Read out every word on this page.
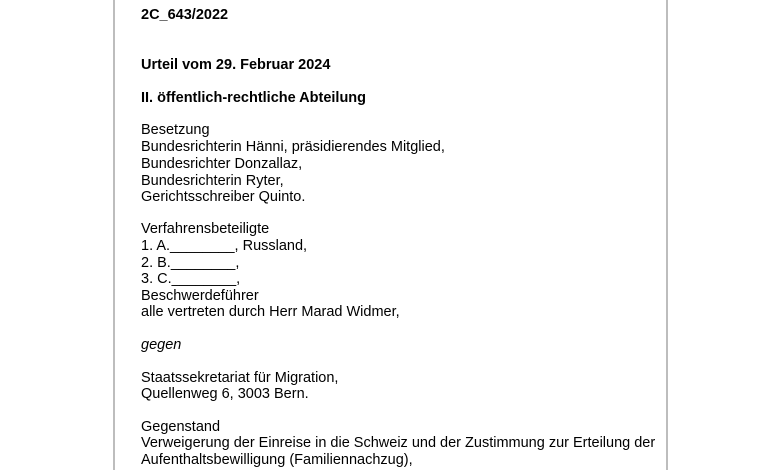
2C_643/2022
Urteil vom 29. Februar 2024
II. öffentlich-rechtliche Abteilung
Besetzung
Bundesrichterin Hänni, präsidierendes Mitglied,
Bundesrichter Donzallaz,
Bundesrichterin Ryter,
Gerichtsschreiber Quinto.
Verfahrensbeteiligte
1. A.________, Russland,
2. B.________,
3. C.________,
Beschwerdeführer
alle vertreten durch Herr Marad Widmer,
gegen
Staatssekretariat für Migration,
Quellenweg 6, 3003 Bern.
Gegenstand
Verweigerung der Einreise in die Schweiz und der Zustimmung zur Erteilung der
Aufenthaltsbewilligung (Familiennachzug),
